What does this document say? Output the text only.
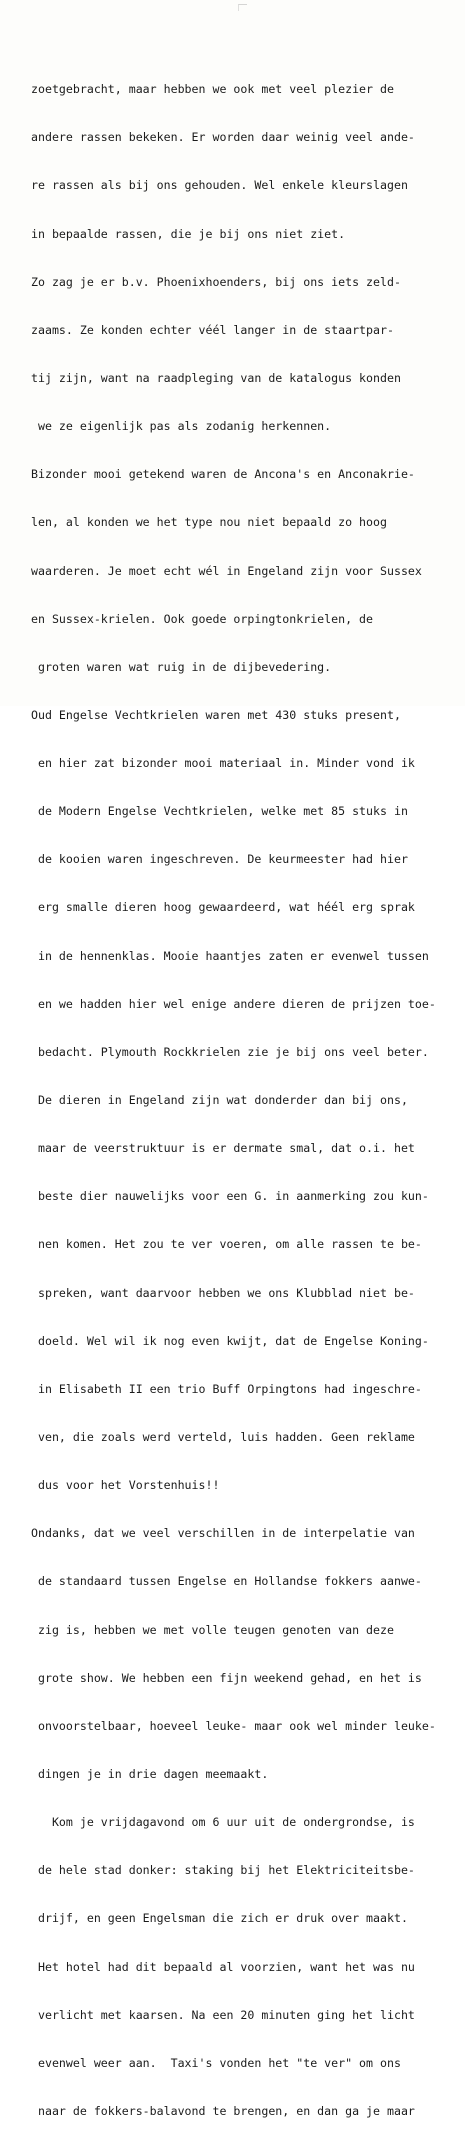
zoetgebracht, maar hebben we ook met veel plezier de

andere rassen bekeken. Er worden daar weinig veel ande-

re rassen als bij ons gehouden. Wel enkele kleurslagen

in bepaalde rassen, die je bij ons niet ziet.

Zo zag je er b.v. Phoenixhoenders, bij ons iets zeld-

zaams. Ze konden echter véél langer in de staartpar-

tij zijn, want na raadpleging van de katalogus konden

we ze eigenlijk pas als zodanig herkennen.

Bizonder mooi getekend waren de Ancona's en Anconakrie-

len, al konden we het type nou niet bepaald zo hoog

waarderen. Je moet echt wél in Engeland zijn voor Sussex

en Sussex-krielen. Ook goede orpingtonkrielen, de

groten waren wat ruig in de dijbevedering.

Oud Engelse Vechtkrielen waren met 430 stuks present,

en hier zat bizonder mooi materiaal in. Minder vond ik

de Modern Engelse Vechtkrielen, welke met 85 stuks in

de kooien waren ingeschreven. De keurmeester had hier

erg smalle dieren hoog gewaardeerd, wat héél erg sprak

in de hennenklas. Mooie haantjes zaten er evenwel tussen

en we hadden hier wel enige andere dieren de prijzen toe-

bedacht. Plymouth Rockkrielen zie je bij ons veel beter.

De dieren in Engeland zijn wat donderder dan bij ons,

maar de veerstruktuur is er dermate smal, dat o.i. het

beste dier nauwelijks voor een G. in aanmerking zou kun-

nen komen. Het zou te ver voeren, om alle rassen te be-

spreken, want daarvoor hebben we ons Klubblad niet be-

doeld. Wel wil ik nog even kwijt, dat de Engelse Koning-

in Elisabeth II een trio Buff Orpingtons had ingeschre-

ven, die zoals werd verteld, luis hadden. Geen reklame

dus voor het Vorstenhuis!!

Ondanks, dat we veel verschillen in de interpelatie van

de standaard tussen Engelse en Hollandse fokkers aanwe-

zig is, hebben we met volle teugen genoten van deze

grote show. We hebben een fijn weekend gehad, en het is

onvoorstelbaar, hoeveel leuke- maar ook wel minder leuke-

dingen je in drie dagen meemaakt.

Kom je vrijdagavond om 6 uur uit de ondergrondse, is

de hele stad donker: staking bij het Elektriciteitsbe-

drijf, en geen Engelsman die zich er druk over maakt.

Het hotel had dit bepaald al voorzien, want het was nu

verlicht met kaarsen. Na een 20 minuten ging het licht

evenwel weer aan.  Taxi's vonden het "te ver" om ons

naar de fokkers-balavond te brengen, en dan ga je maar
